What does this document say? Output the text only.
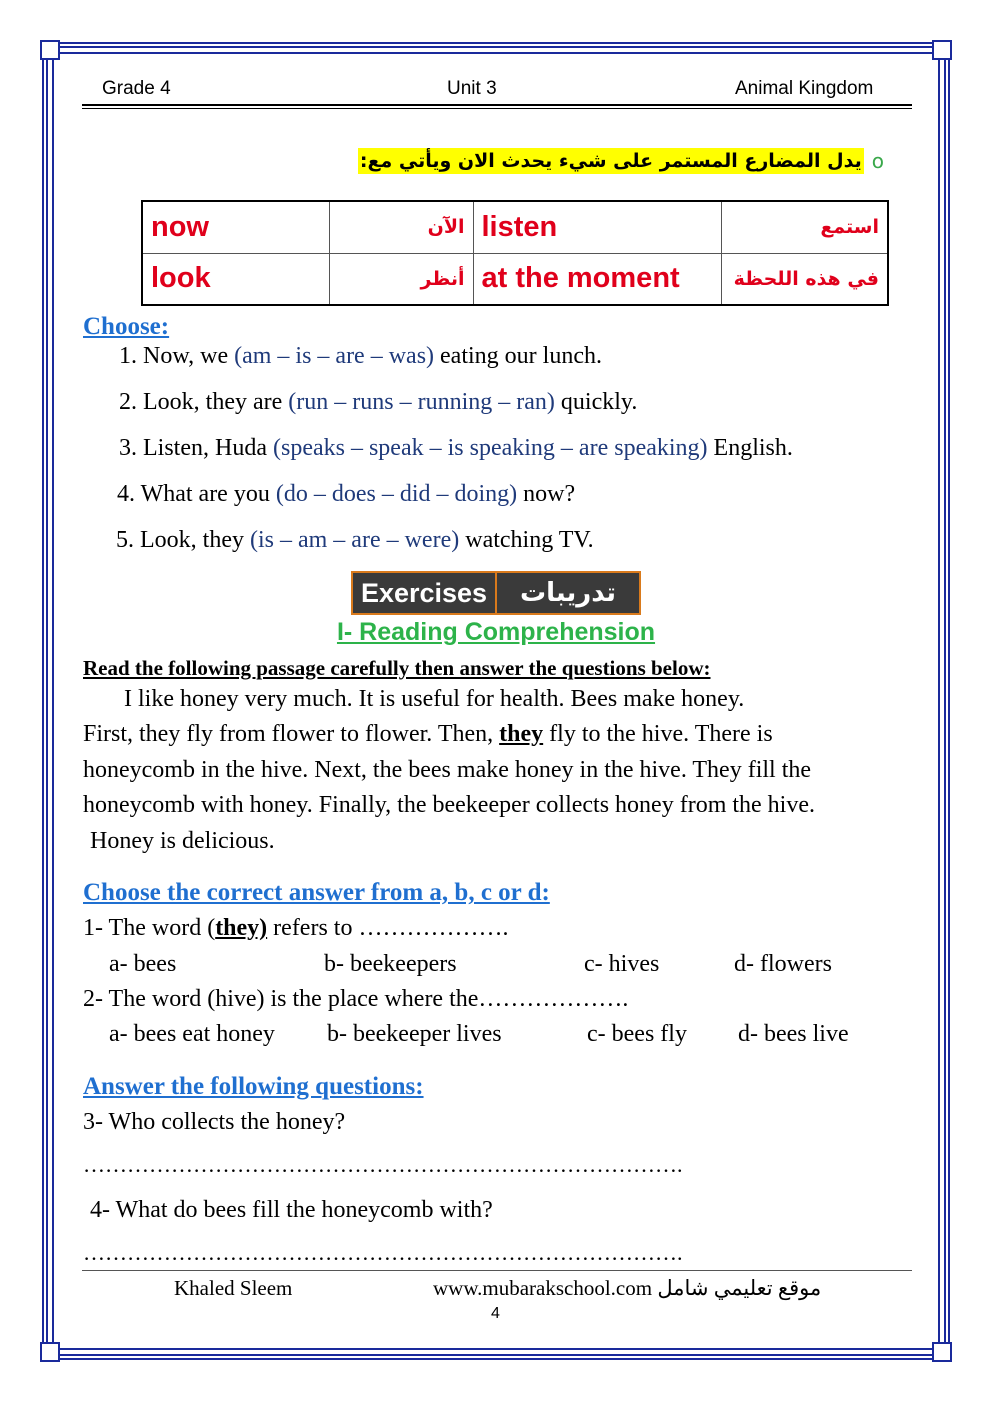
Grade 4	Unit 3	Animal Kingdom
o
يدل المضارع المستمر على شيء يحدث الان ويأتي مع:
now	الآن	listen	استمع
look	أنظر	at the moment	في هذه اللحظة
Choose:
1. Now, we (am – is – are – was) eating our lunch.
2. Look, they are (run – runs – running – ran) quickly.
3. Listen, Huda (speaks – speak – is speaking – are speaking) English.
4. What are you (do – does – did – doing) now?
5. Look, they (is – am – are – were) watching TV.
Exercises	تدريبات
I- Reading Comprehension
Read the following passage carefully then answer the questions below:
I like honey very much. It is useful for health. Bees make honey.
First, they fly from flower to flower. Then, they fly to the hive. There is
honeycomb in the hive. Next, the bees make honey in the hive. They fill the
honeycomb with honey. Finally, the beekeeper collects honey from the hive.
Honey is delicious.
Choose the correct answer from a, b, c or d:
1- The word (they) refers to ……………….
a- bees	b- beekeepers	c- hives	d- flowers
2- The word (hive) is the place where the……………….
a- bees eat honey b- beekeeper lives	c- bees fly d- bees live
Answer the following questions:
3- Who collects the honey?
……………………………………………………………………….
4- What do bees fill the honeycomb with?
……………………………………………………………………….
Khaled Sleem	www.mubarakschool.com موقع تعليمي شامل
4
